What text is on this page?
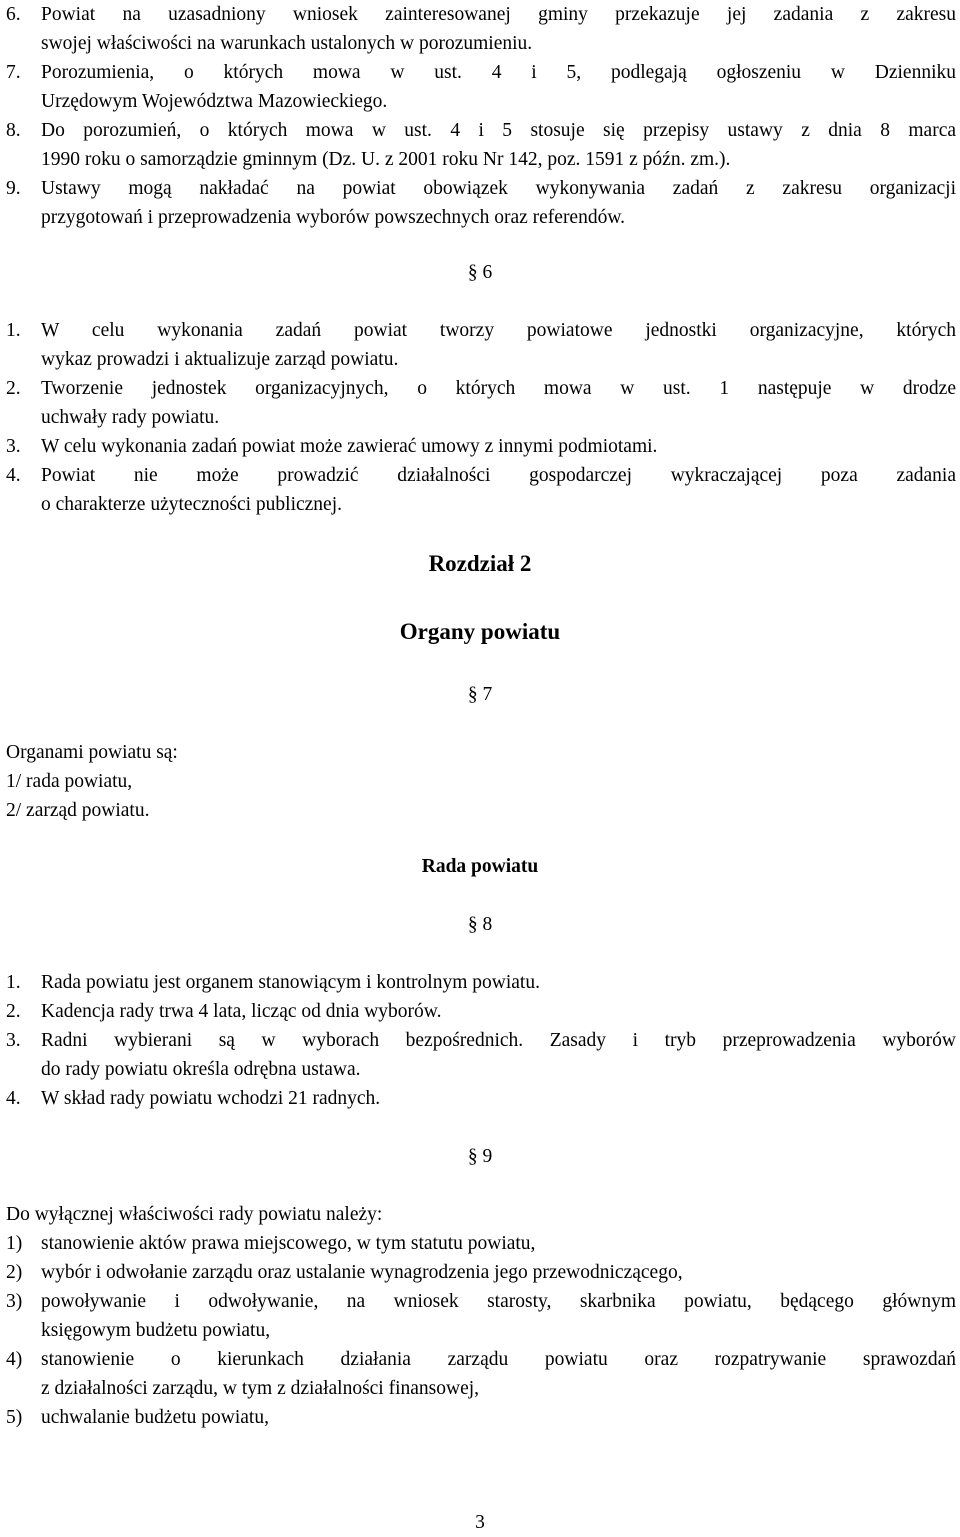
6.	Powiat na uzasadniony wniosek zainteresowanej gminy przekazuje jej zadania z zakresu
swojej właściwości na warunkach ustalonych w porozumieniu.
7.	Porozumienia, o których mowa w ust. 4 i 5, podlegają ogłoszeniu w Dzienniku
Urzędowym Województwa Mazowieckiego.
8.	Do porozumień, o których mowa w ust. 4 i 5 stosuje się przepisy ustawy z dnia 8 marca
1990 roku o samorządzie gminnym (Dz. U. z 2001 roku Nr 142, poz. 1591 z późn. zm.).
9.	Ustawy mogą nakładać na powiat obowiązek wykonywania zadań z zakresu organizacji
przygotowań i przeprowadzenia wyborów powszechnych oraz referendów.
§ 6
1.	W celu wykonania zadań powiat tworzy powiatowe jednostki organizacyjne, których
wykaz prowadzi i aktualizuje zarząd powiatu.
2.	Tworzenie jednostek organizacyjnych, o których mowa w ust. 1 następuje w drodze
uchwały rady powiatu.
3.	W celu wykonania zadań powiat może zawierać umowy z innymi podmiotami.
4.	Powiat nie może prowadzić działalności gospodarczej wykraczającej poza zadania
o charakterze użyteczności publicznej.
Rozdział 2
Organy powiatu
§ 7
Organami powiatu są:
1/ rada powiatu,
2/ zarząd powiatu.
Rada powiatu
§ 8
1.	Rada powiatu jest organem stanowiącym i kontrolnym powiatu.
2.	Kadencja rady trwa 4 lata, licząc od dnia wyborów.
3.	Radni wybierani są w wyborach bezpośrednich. Zasady i tryb przeprowadzenia wyborów
do rady powiatu określa odrębna ustawa.
4.	W skład rady powiatu wchodzi 21 radnych.
§ 9
Do wyłącznej właściwości rady powiatu należy:
1) stanowienie aktów prawa miejscowego, w tym statutu powiatu,
2) wybór i odwołanie zarządu oraz ustalanie wynagrodzenia jego przewodniczącego,
3) powoływanie i odwoływanie, na wniosek starosty, skarbnika powiatu, będącego głównym
księgowym budżetu powiatu,
4) stanowienie o kierunkach działania zarządu powiatu oraz rozpatrywanie sprawozdań
z działalności zarządu, w tym z działalności finansowej,
5) uchwalanie budżetu powiatu,
3
